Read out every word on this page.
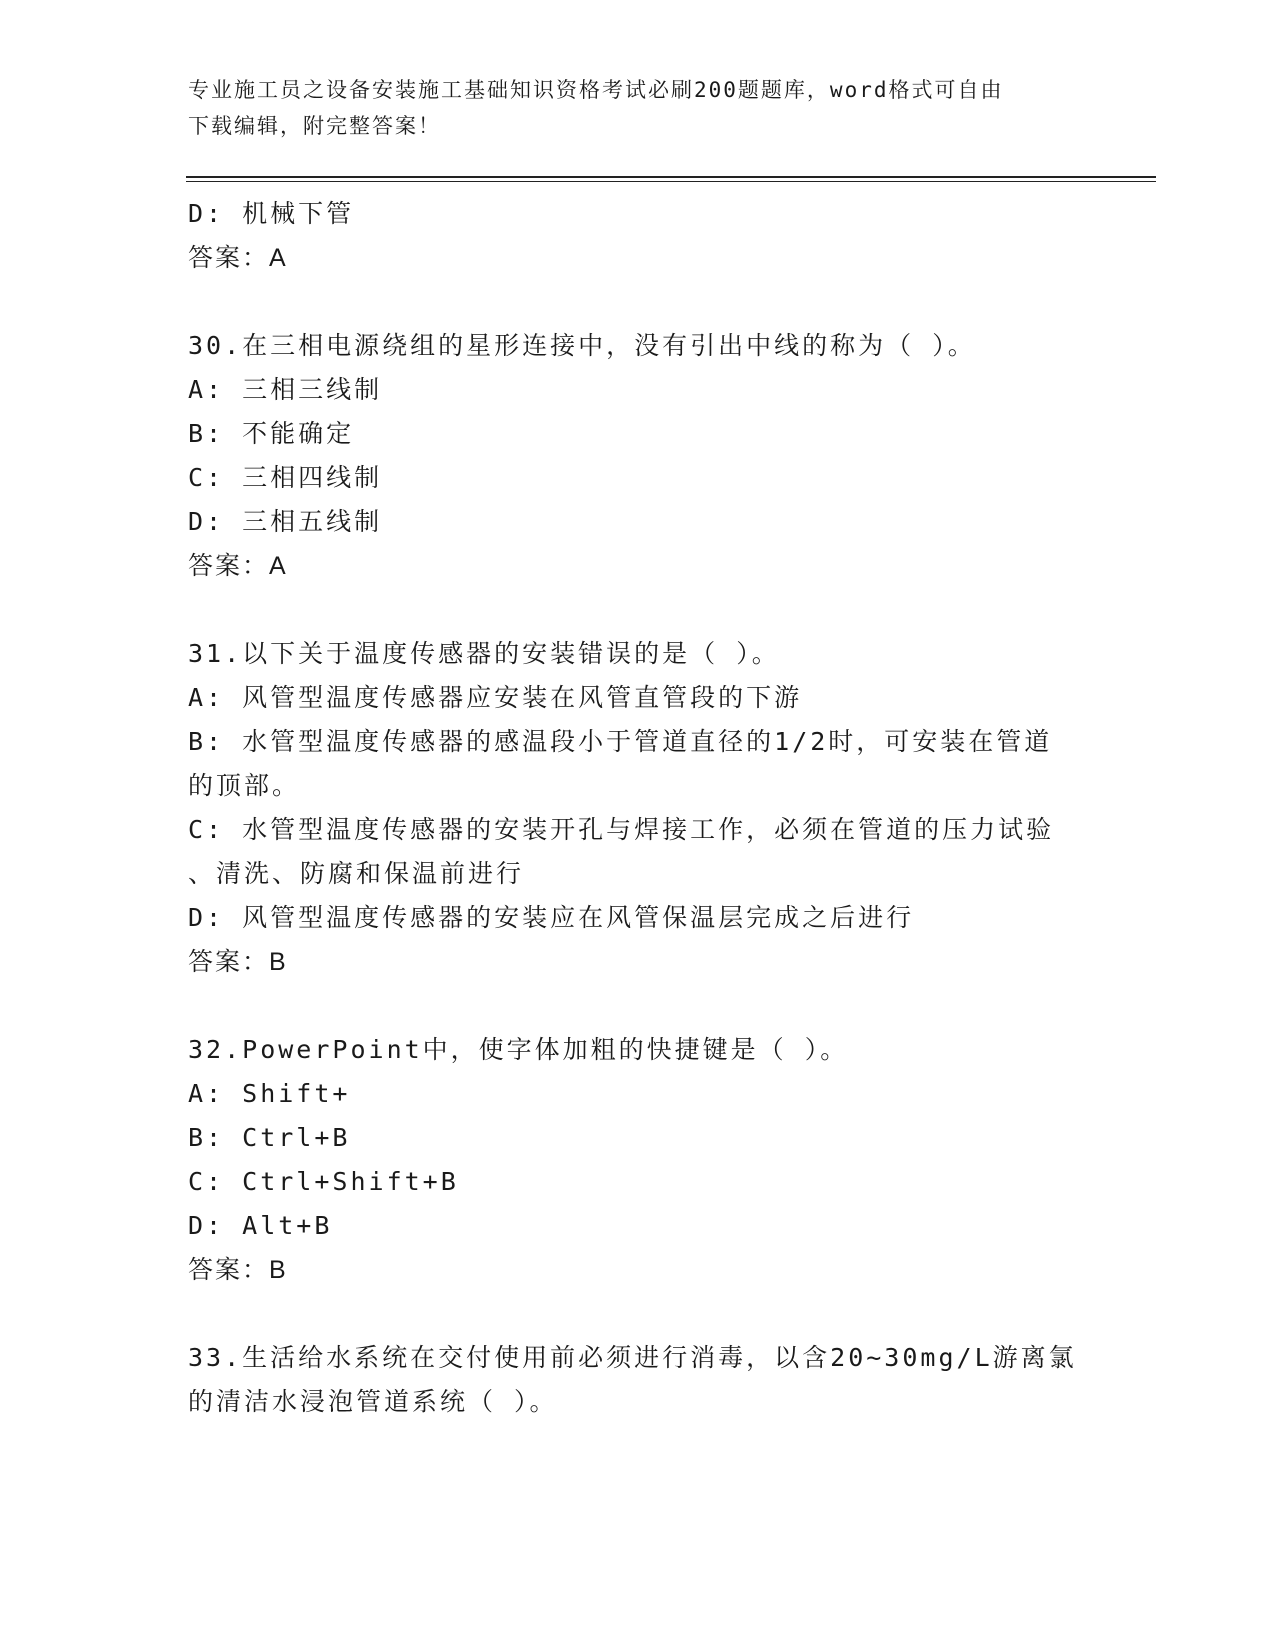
专业施工员之设备安装施工基础知识资格考试必刷200题题库，word格式可自由
下载编辑，附完整答案！
D: 机械下管
答案：A
30.在三相电源绕组的星形连接中，没有引出中线的称为（ ）。
A: 三相三线制
B: 不能确定
C: 三相四线制
D: 三相五线制
答案：A
31.以下关于温度传感器的安装错误的是（ ）。
A: 风管型温度传感器应安装在风管直管段的下游
B: 水管型温度传感器的感温段小于管道直径的1/2时，可安装在管道
的顶部。
C: 水管型温度传感器的安装开孔与焊接工作，必须在管道的压力试验
、清洗、防腐和保温前进行
D: 风管型温度传感器的安装应在风管保温层完成之后进行
答案：B
32.PowerPoint中，使字体加粗的快捷键是（ ）。
A: Shift+
B: Ctrl+B
C: Ctrl+Shift+B
D: Alt+B
答案：B
33.生活给水系统在交付使用前必须进行消毒，以含20~30mg/L游离氯
的清洁水浸泡管道系统（ ）。
